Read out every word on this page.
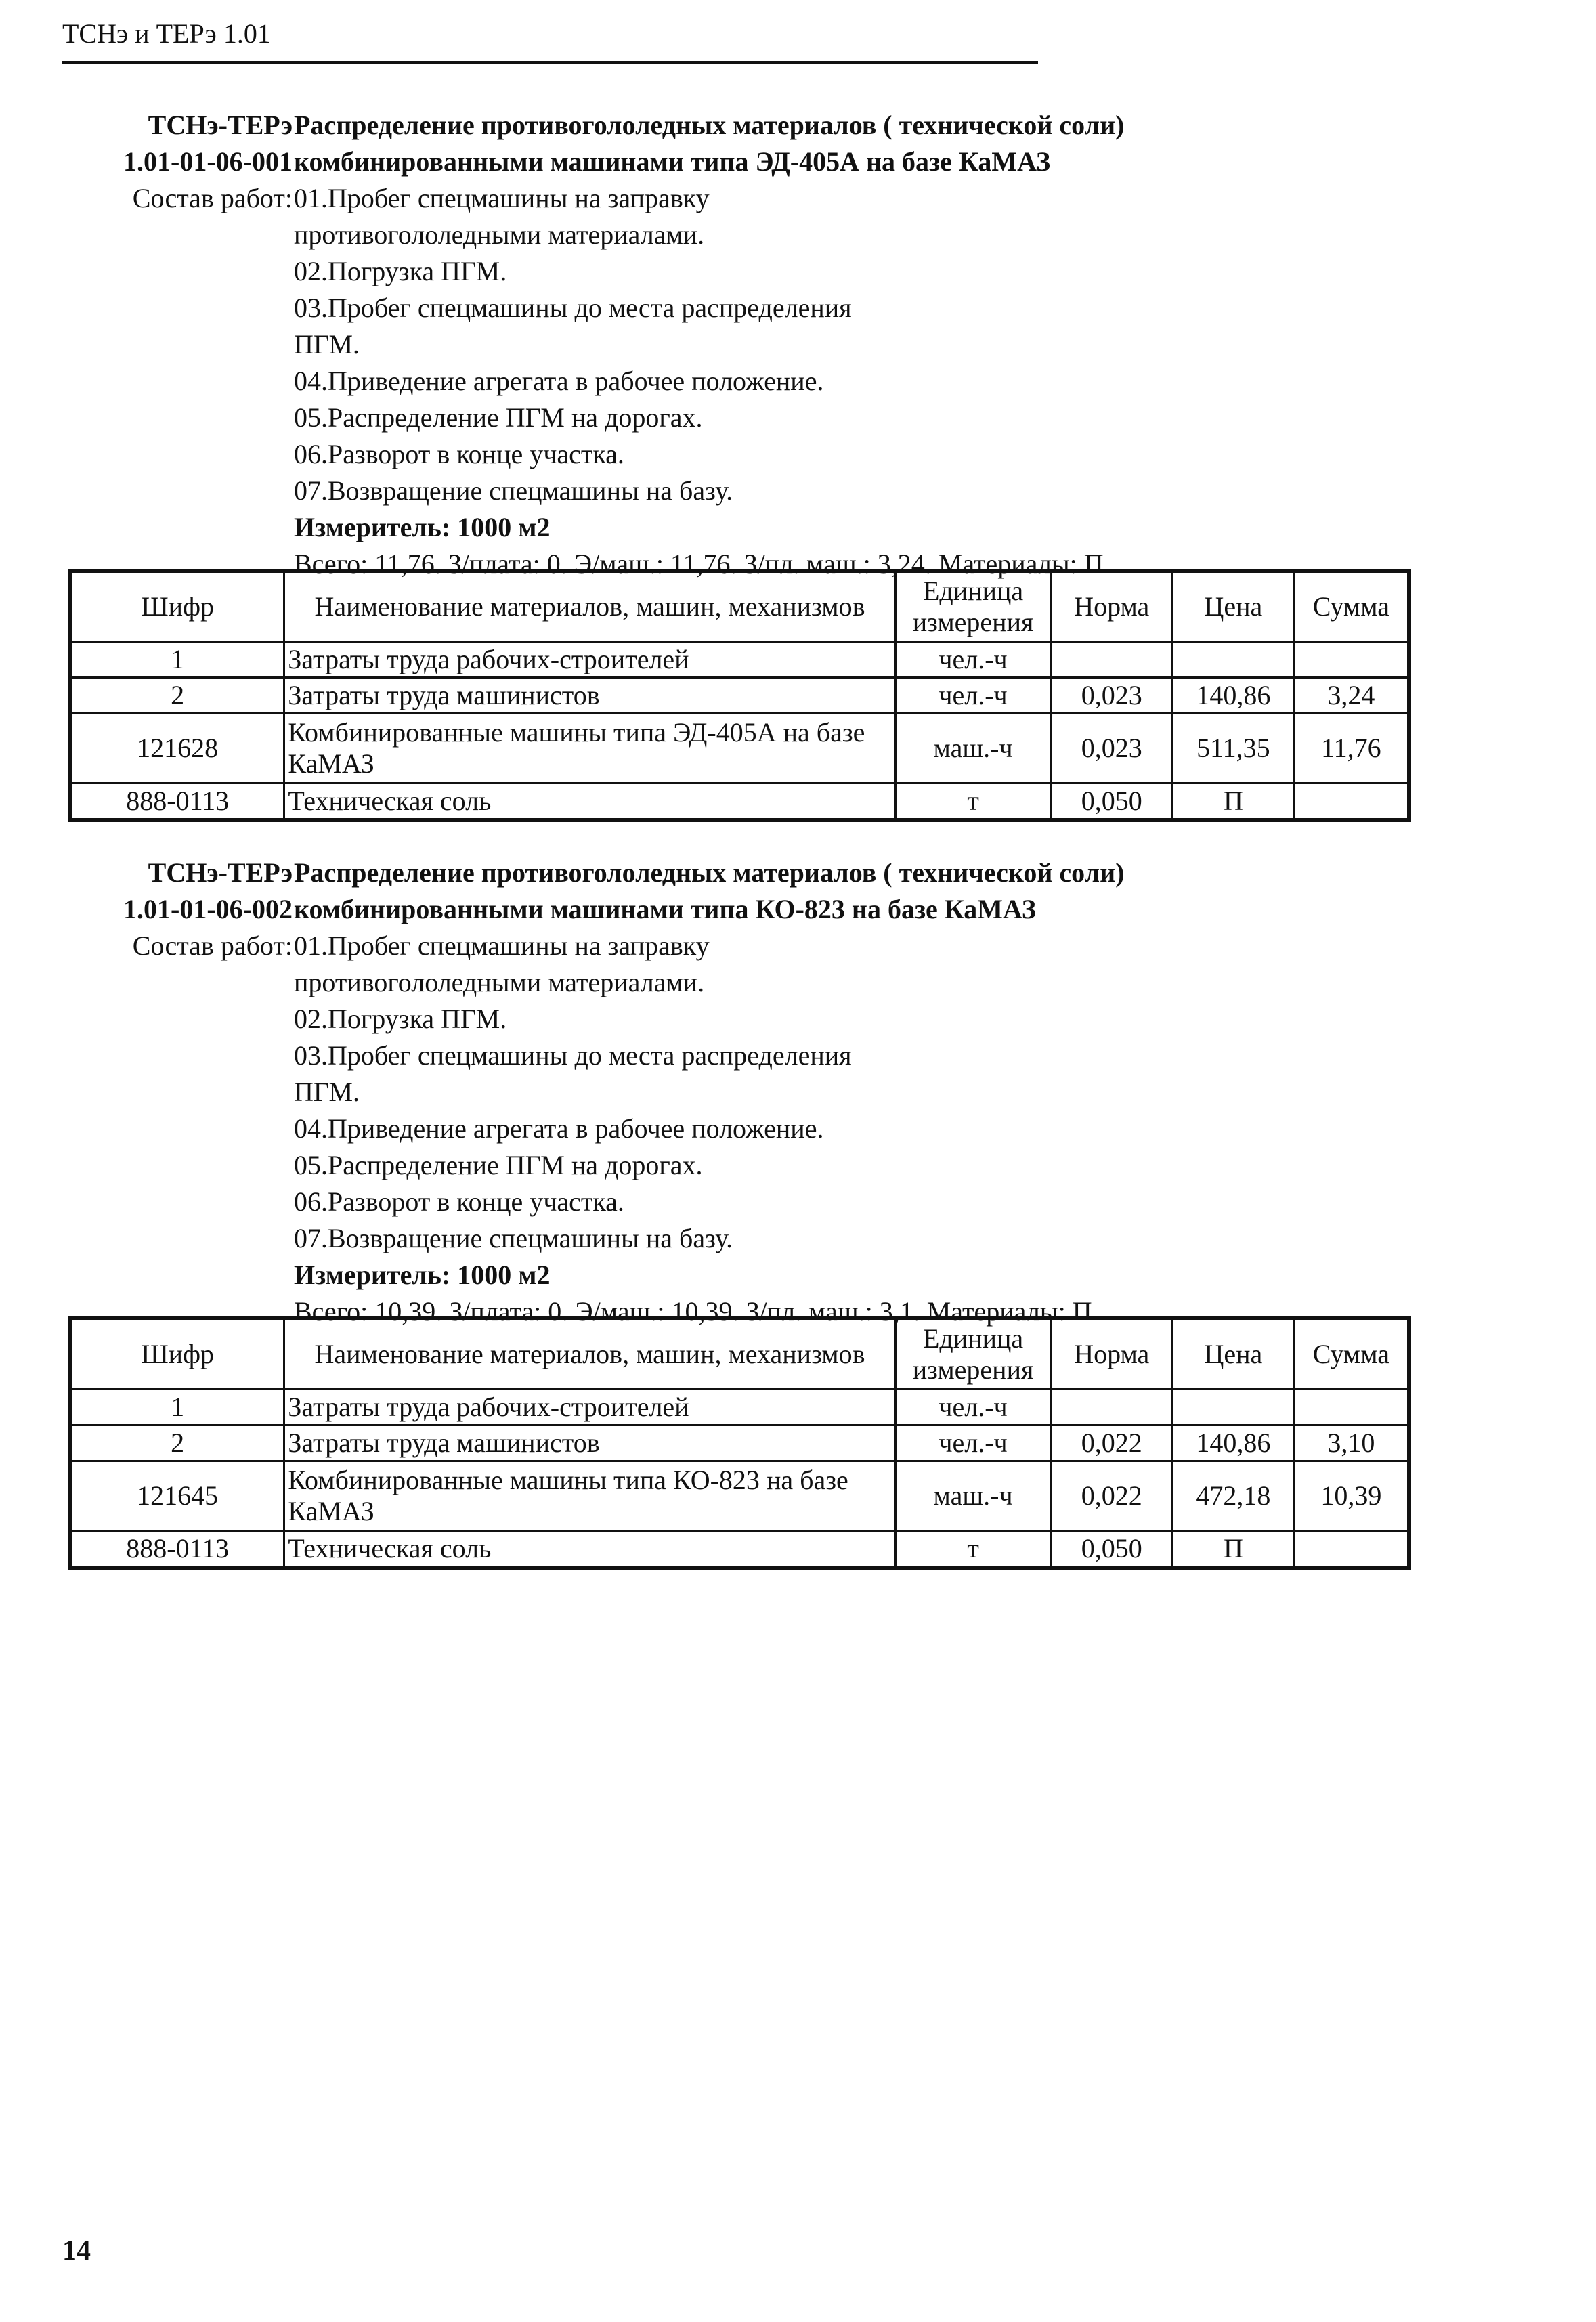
ТСНэ и ТЕРэ 1.01
ТСНэ-ТЕРэ
1.01-01-06-001
Состав работ:
Распределение противогололедных материалов ( технической соли)
комбинированными машинами типа ЭД-405А на базе КаМАЗ
01.Пробег спецмашины на заправку
противогололедными материалами.
02.Погрузка ПГМ.
03.Пробег спецмашины до места распределения
ПГМ.
04.Приведение агрегата в рабочее положение.
05.Распределение ПГМ на дорогах.
06.Разворот в конце участка.
07.Возвращение спецмашины на базу.
Измеритель: 1000 м2
Всего: 11,76. З/плата: 0. Э/маш.: 11,76. З/пл. маш.: 3,24. Материалы: П
Шифр	Наименование материалов, машин, механизмов	Единица измерения	Норма	Цена	Сумма
1	Затраты труда рабочих-строителей	чел.-ч			
2	Затраты труда машинистов	чел.-ч	0,023	140,86	3,24
121628	Комбинированные машины типа ЭД-405А на базе КаМАЗ	маш.-ч	0,023	511,35	11,76
888-0113	Техническая соль	т	0,050	П	
ТСНэ-ТЕРэ
1.01-01-06-002
Состав работ:
Распределение противогололедных материалов ( технической соли)
комбинированными машинами типа КО-823 на базе КаМАЗ
01.Пробег спецмашины на заправку
противогололедными материалами.
02.Погрузка ПГМ.
03.Пробег спецмашины до места распределения
ПГМ.
04.Приведение агрегата в рабочее положение.
05.Распределение ПГМ на дорогах.
06.Разворот в конце участка.
07.Возвращение спецмашины на базу.
Измеритель: 1000 м2
Всего: 10,39. З/плата: 0. Э/маш.: 10,39. З/пл. маш.: 3,1. Материалы: П
Шифр	Наименование материалов, машин, механизмов	Единица измерения	Норма	Цена	Сумма
1	Затраты труда рабочих-строителей	чел.-ч			
2	Затраты труда машинистов	чел.-ч	0,022	140,86	3,10
121645	Комбинированные машины типа КО-823 на базе КаМАЗ	маш.-ч	0,022	472,18	10,39
888-0113	Техническая соль	т	0,050	П	
14
